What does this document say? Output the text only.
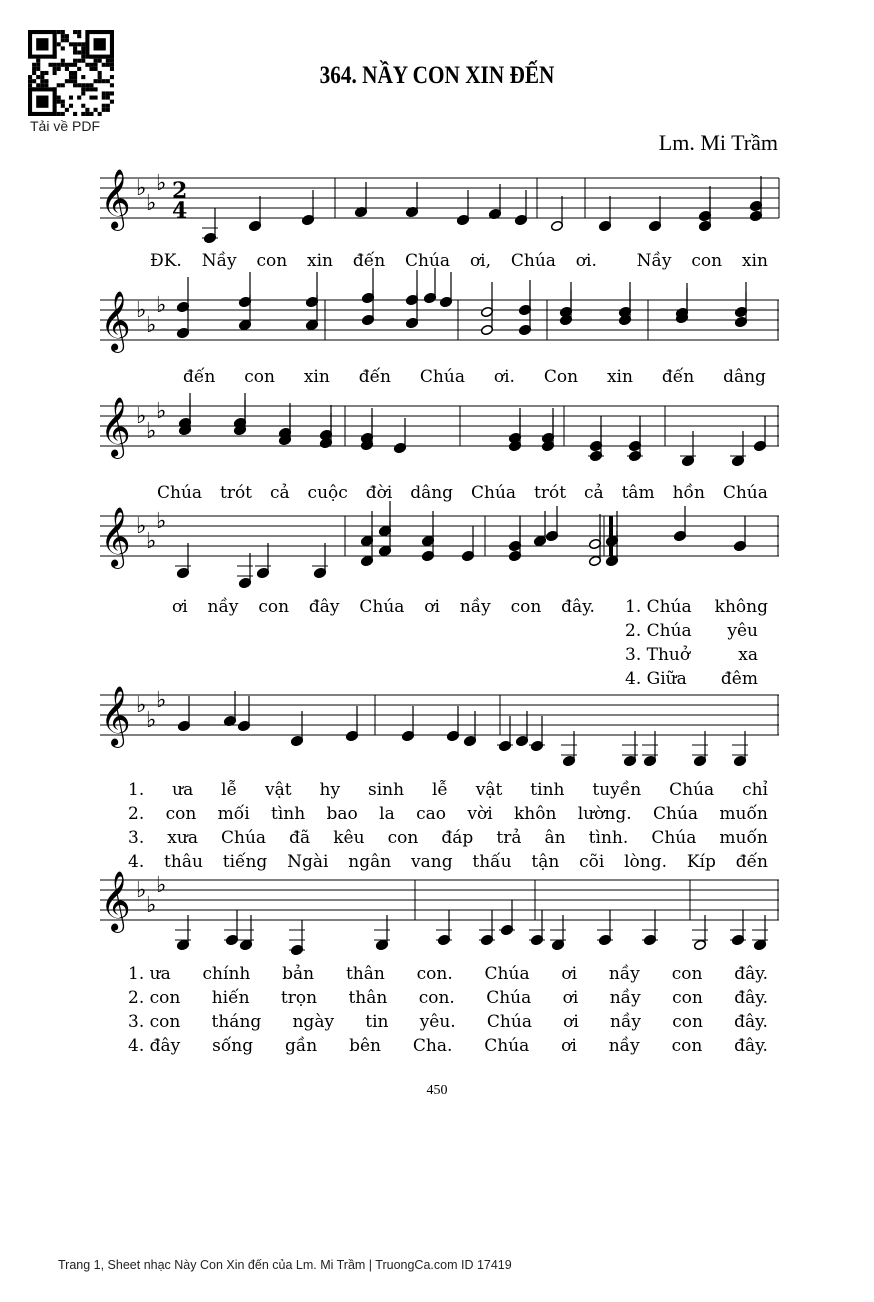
Tải về PDF
364. NẦY CON XIN ĐẾN
Lm. Mi Trầm
𝄞 ♭
♭
♭ 2
4
𝄞 ♭
♭
♭
𝄞 ♭
♭
♭
𝄞 ♭
♭
♭
𝄞 ♭
♭
♭
𝄞 ♭
♭
♭
ĐK. Nầy con xin đến Chúa ơi, Chúa ơi. Nầy con xin
đến con xin đến Chúa ơi. Con xin đến dâng
Chúa trót cả cuộc đời dâng Chúa trót cả tâm hồn Chúa
ơi nầy con đây Chúa ơi nầy con đây. 1. Chúa không
2. Chúa yêu
3. Thuở	xa
4. Giữa đêm
1. ưa lễ vật hy sinh lễ vật tinh tuyền Chúa chỉ
2. con mối tình bao la cao vời khôn lường. Chúa muốn
3. xưa Chúa đã kêu con đáp trả ân tình. Chúa muốn
4. thâu tiếng Ngài ngân vang thấu tận cõi lòng. Kíp đến
1. ưa chính bản thân con. Chúa ơi nầy con đây.
2. con hiến trọn thân con. Chúa ơi nầy con đây.
3. con tháng ngày tin yêu. Chúa ơi nầy con đây.
4. đây sống gần bên Cha. Chúa ơi nầy con đây.
450
Trang 1, Sheet nhạc Này Con Xin đến của Lm. Mi Trầm | TruongCa.com ID 17419
